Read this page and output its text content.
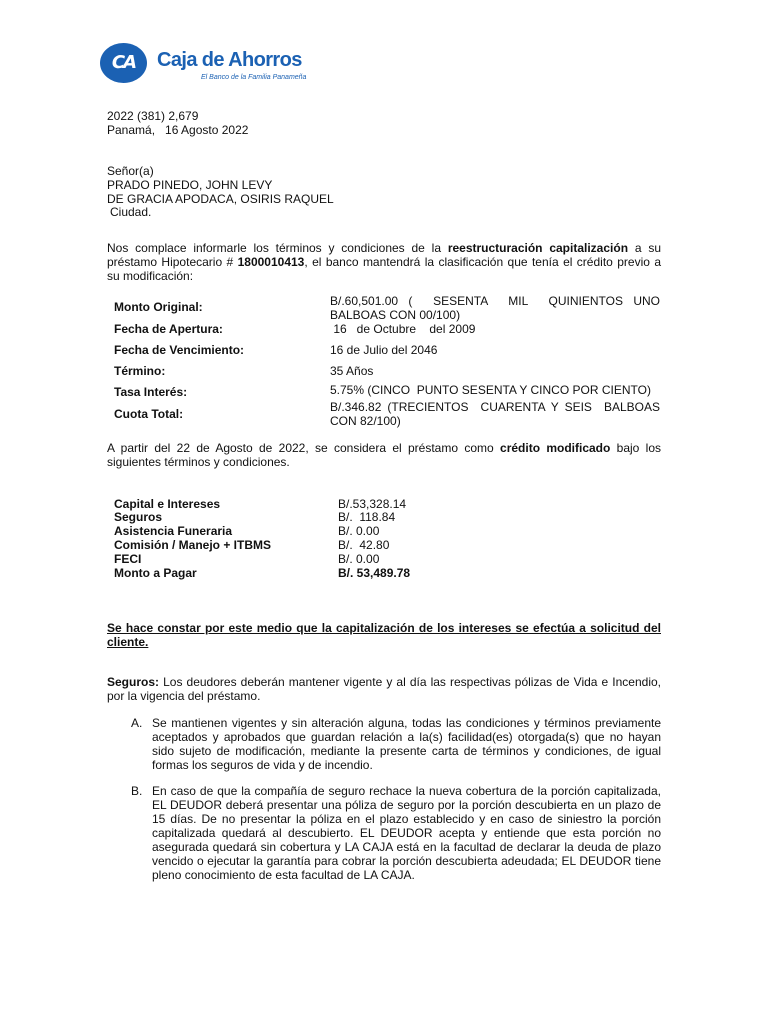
CA	Caja de Ahorros
El Banco de la Familia Panameña
2022 (381) 2,679
Panamá,   16 Agosto 2022
Señor(a)
PRADO PINEDO, JOHN LEVY
DE GRACIA APODACA, OSIRIS RAQUEL
Ciudad.
Nos complace informarle los términos y condiciones de la reestructuración capitalización a su préstamo Hipotecario # 1800010413, el banco mantendrá la clasificación que tenía el crédito previo a su modificación:
Monto Original:	B/.60,501.00 (  SESENTA  MIL  QUINIENTOS UNO BALBOAS CON 00/100)
Fecha de Apertura:	16   de Octubre    del 2009
Fecha de Vencimiento:	16 de Julio del 2046
Término:	35 Años
Tasa Interés:	5.75% (CINCO  PUNTO SESENTA Y CINCO POR CIENTO)
Cuota Total:	B/.346.82 (TRECIENTOS  CUARENTA Y SEIS  BALBOAS CON 82/100)
A partir del 22 de Agosto de 2022, se considera el préstamo como crédito modificado bajo los siguientes términos y condiciones.
Capital e Intereses	B/.53,328.14
Seguros	B/.  118.84
Asistencia Funeraria	B/. 0.00
Comisión / Manejo + ITBMS	B/.  42.80
FECI	B/. 0.00
Monto a Pagar	B/. 53,489.78
Se hace constar por este medio que la capitalización de los intereses se efectúa a solicitud del cliente.
Seguros: Los deudores deberán mantener vigente y al día las respectivas pólizas de Vida e Incendio, por la vigencia del préstamo.
A. Se mantienen vigentes y sin alteración alguna, todas las condiciones y términos previamente aceptados y aprobados que guardan relación a la(s) facilidad(es) otorgada(s) que no hayan sido sujeto de modificación, mediante la presente carta de términos y condiciones, de igual formas los seguros de vida y de incendio.
B. En caso de que la compañía de seguro rechace la nueva cobertura de la porción capitalizada, EL DEUDOR deberá presentar una póliza de seguro por la porción descubierta en un plazo de 15 días. De no presentar la póliza en el plazo establecido y en caso de siniestro la porción capitalizada quedará al descubierto. EL DEUDOR acepta y entiende que esta porción no asegurada quedará sin cobertura y LA CAJA está en la facultad de declarar la deuda de plazo vencido o ejecutar la garantía para cobrar la porción descubierta adeudada; EL DEUDOR tiene pleno conocimiento de esta facultad de LA CAJA.
